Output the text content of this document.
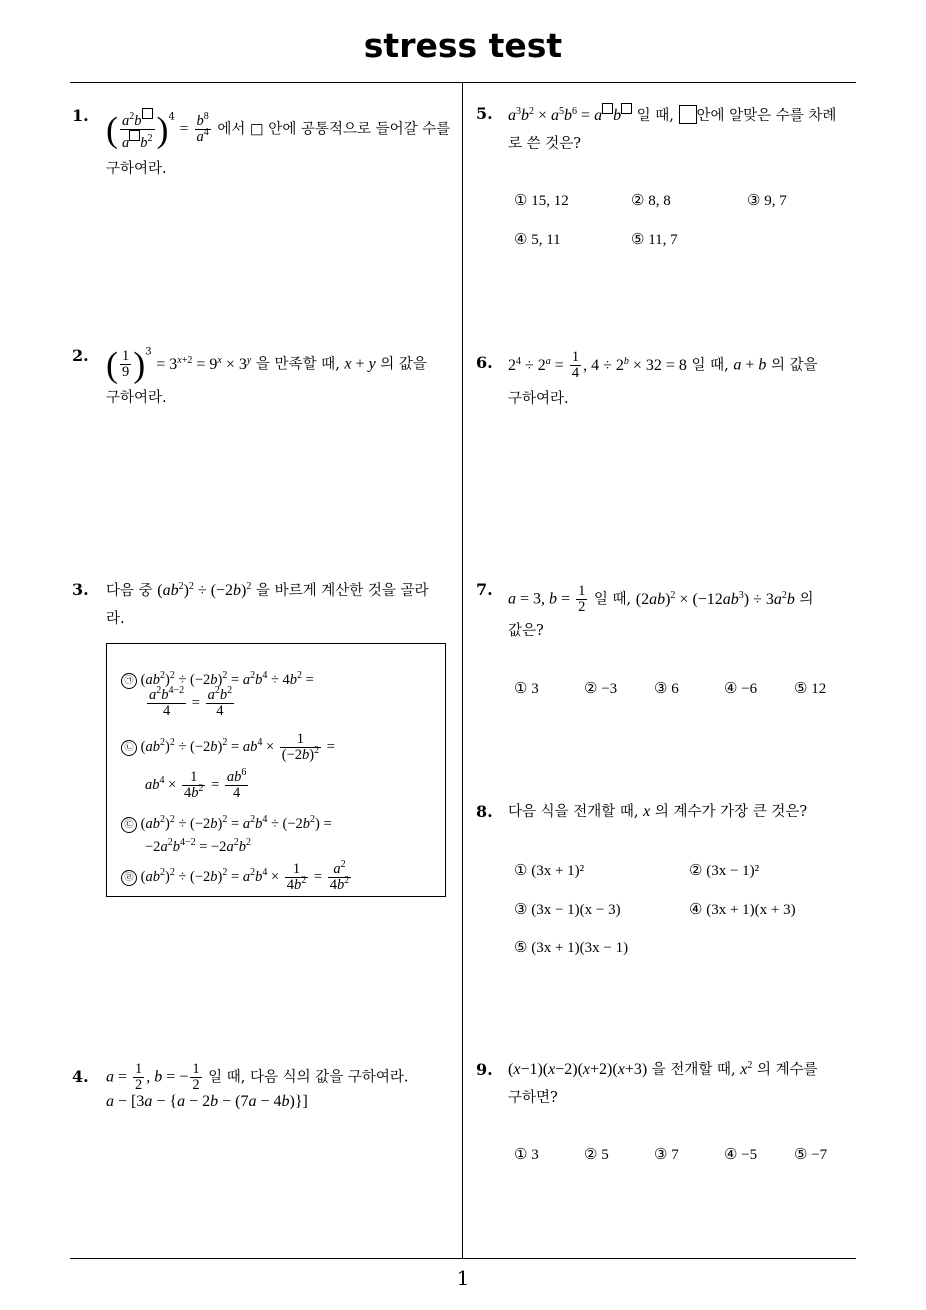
stress test
1
1. ( $\frac{a^2b}{a b^2} )^4 = \frac{b^8}{a^4}$ 에서 □ 안에 공통적으로 들어갈 수를
구하여라.
2. ( $\frac{1}{9} )^3 = 3^{x+2} = 9^x \times 3^y$ 을 만족할 때, x + y 의 값을
구하여라.
3. 다음 중 $(ab^2)^2 \div (-2b)^2$ 을 바르게 계산한 것을 골라
라.
㉠ $(ab^2)^2 \div (-2b)^2 = a^2b^4 \div 4b^2$ =
$\frac{a^2b^{4-2}}{4} = \frac{a^2b^2}{4}$
㉡ $(ab^2)^2 \div (-2b)^2 = ab^4 \times \frac{1}{(-2b)^2}$ =
$ab^4 \times \frac{1}{4b^2} = \frac{ab^6}{4}$
㉢ $(ab^2)^2 \div (-2b)^2 = a^2b^4 \div (-2b^2)$ =
$-2a^2b^{4-2} = -2a^2b^2$
㉣ $(ab^2)^2 \div (-2b)^2 = a^2b^4 \times \frac{1}{4b^2} = \frac{a^2}{4b^2}$
4. $a = \frac{1}{2}$ , b = − $\frac{1}{2}$ 일 때, 다음 식의 값을 구하여라.
a − [3a − {a − 2b − (7a − 4b)}]
5. $a^3b^2 \times a^5b^6 = a$ b 일 때, 안에 알맞은 수를 차례
로 쓴 것은?
① 15, 12	② 8, 8	③ 9, 7
④ 5, 11	⑤ 11, 7
6. $2^4 \div 2^a = \frac{1}{4}$ , $4 \div 2^b \times 32 = 8$ 일 때, a + b 의 값을
구하여라.
7. a = 3, $b = \frac{1}{2}$ 일 때, $(2ab)^2 \times (-12ab^3) \div 3a^2b$ 의
값은?
① 3	② −3 ③ 6	④ −6 ⑤ 12
8. 다음 식을 전개할 때, x 의 계수가 가장 큰 것은?
① (3x + 1)²	② (3x − 1)²
③ (3x − 1)(x − 3)	④ (3x + 1)(x + 3)
⑤ (3x + 1)(3x − 1)
9. (x−1)(x−2)(x+2)(x+3) 을 전개할 때, $x^2$ 의 계수를
구하면?
① 3	② 5	③ 7	④ −5 ⑤ −7
